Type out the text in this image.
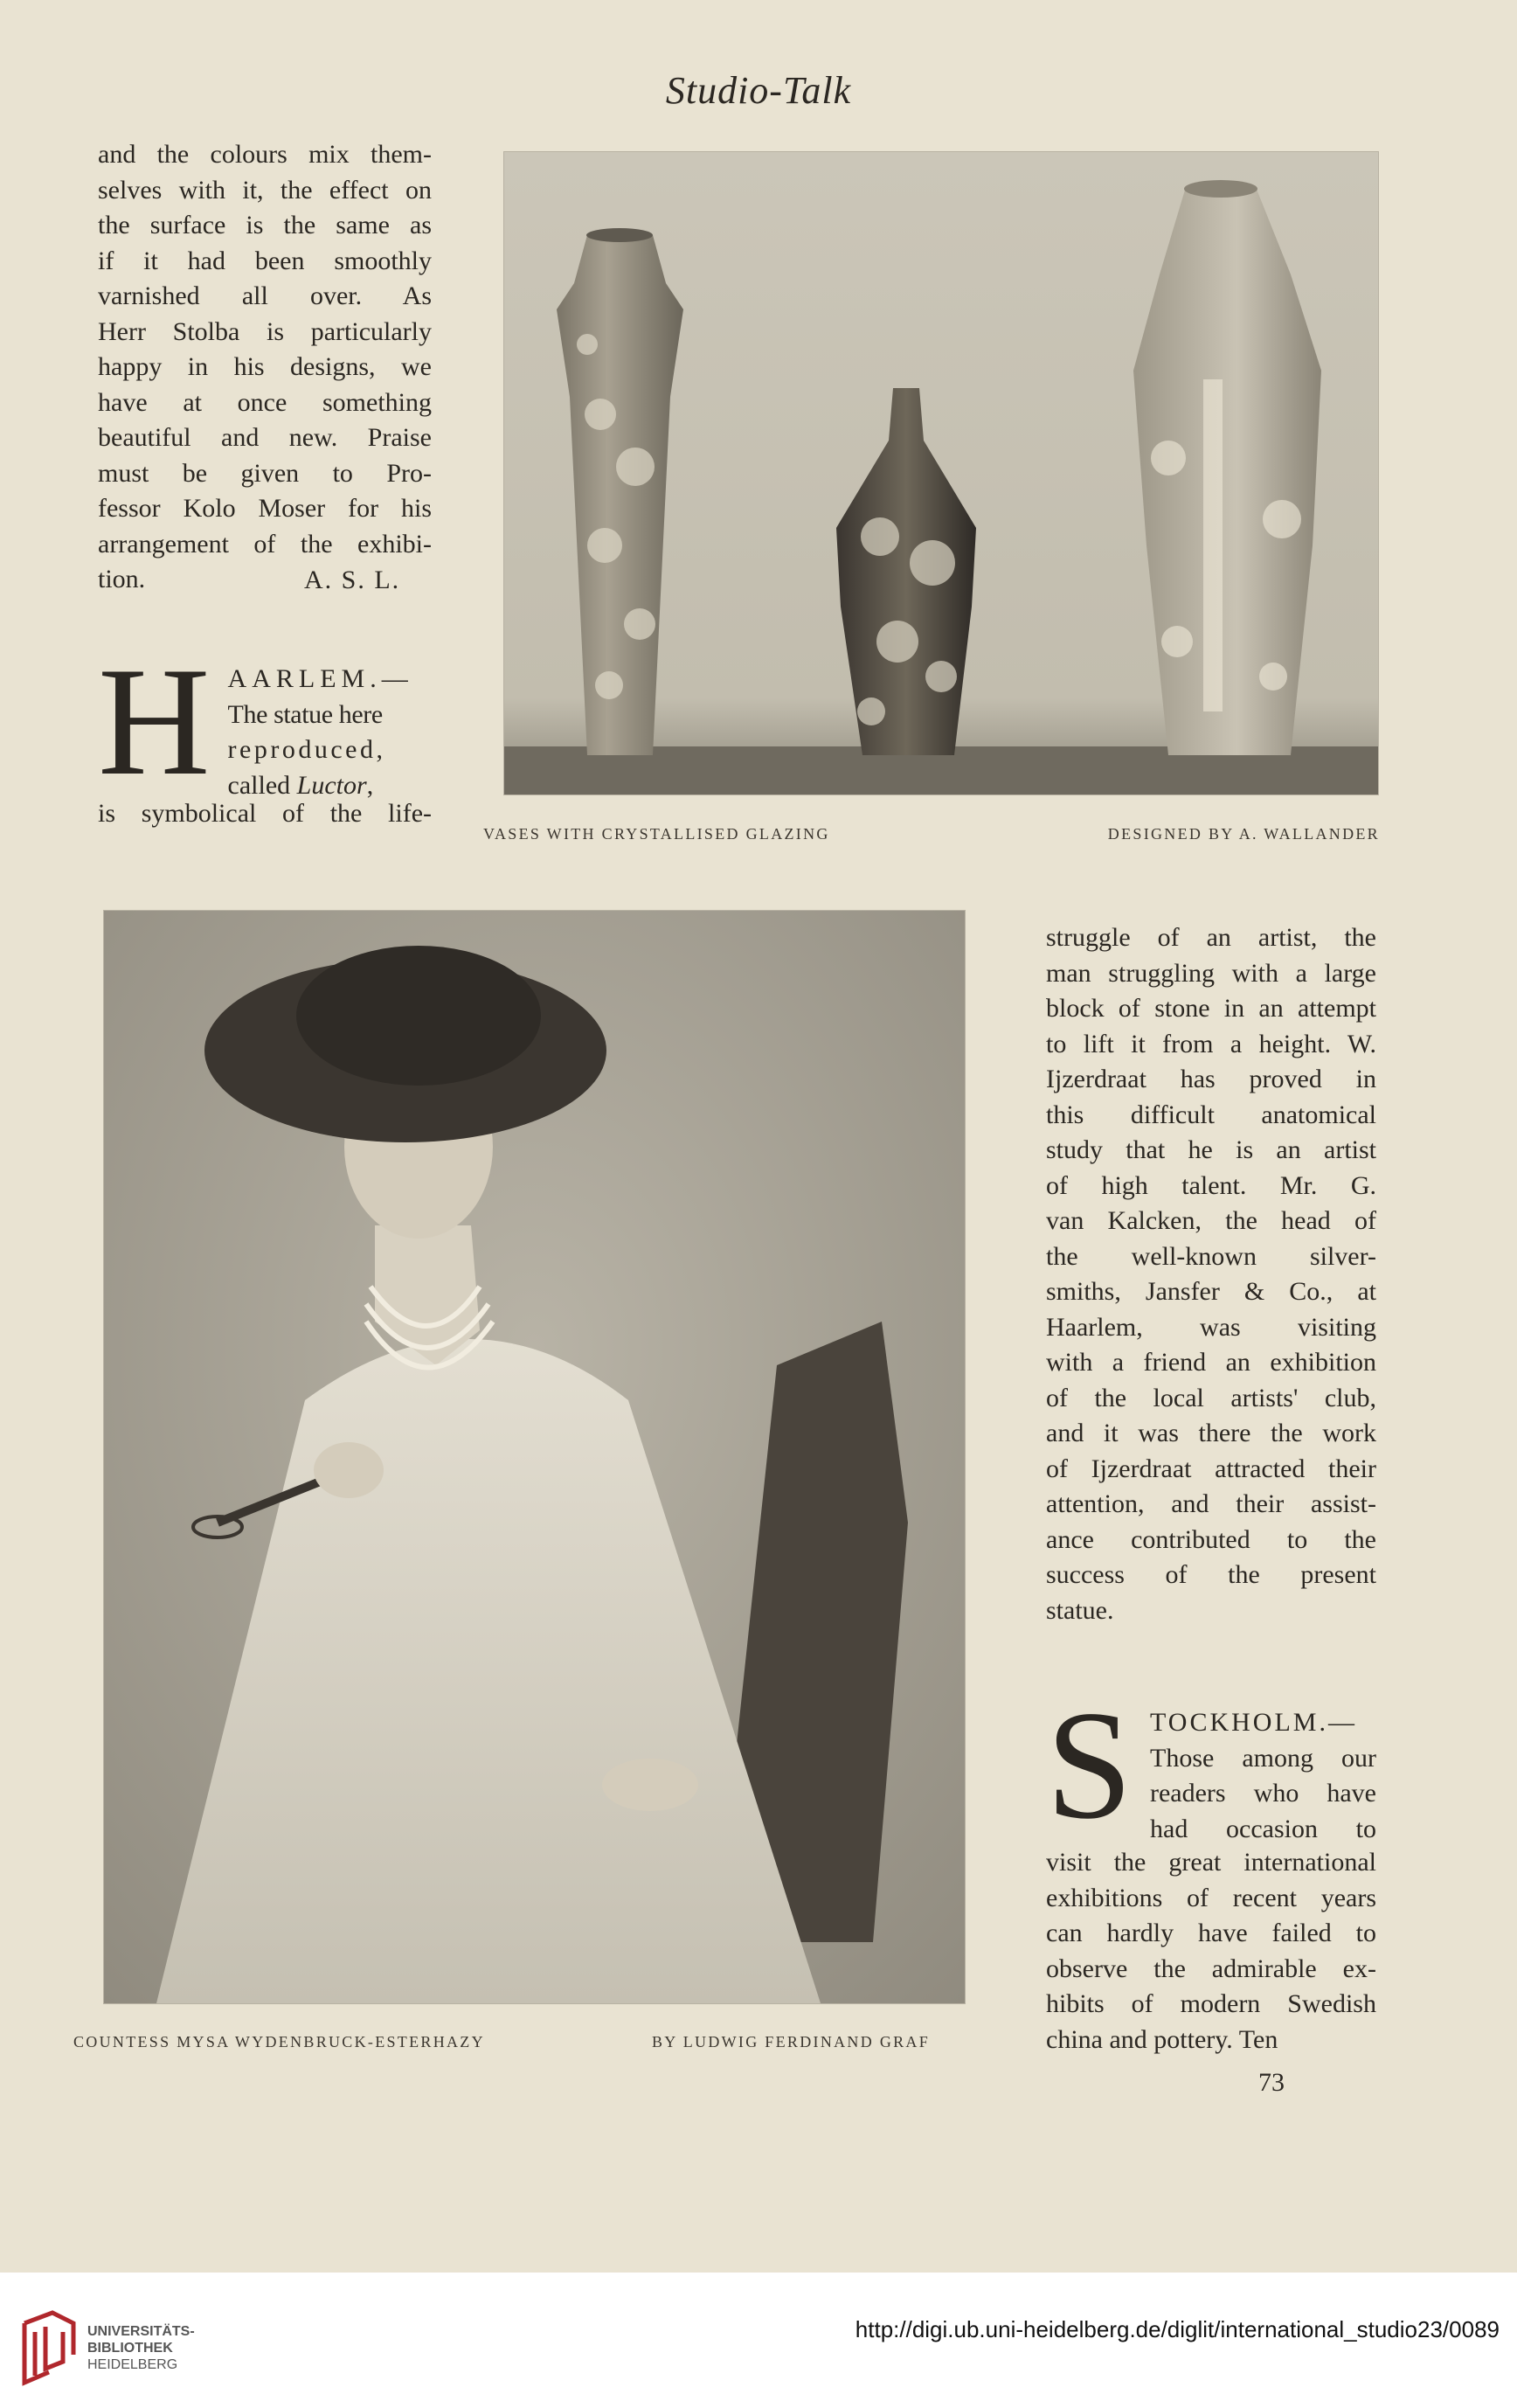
Studio-Talk
and the colours mix them-
selves with it, the effect on
the surface is the same as
if it had been smoothly
varnished all over. As
Herr Stolba is particularly
happy in his designs, we
have at once something
beautiful and new. Praise
must be given to Pro-
fessor Kolo Moser for his
arrangement of the exhibi-
tion.	A. S. L.
H AARLEM.—
The statue here
reproduced,
called Luctor,
is symbolical of the life-
VASES WITH CRYSTALLISED GLAZING	DESIGNED BY A. WALLANDER
COUNTESS MYSA WYDENBRUCK-ESTERHAZY	BY LUDWIG FERDINAND GRAF
struggle of an artist, the
man struggling with a large
block of stone in an attempt
to lift it from a height. W.
Ijzerdraat has proved in
this difficult anatomical
study that he is an artist
of high talent. Mr. G.
van Kalcken, the head of
the well-known silver-
smiths, Jansfer & Co., at
Haarlem, was visiting
with a friend an exhibition
of the local artists' club,
and it was there the work
of Ijzerdraat attracted their
attention, and their assist-
ance contributed to the
success of the present
statue.
S TOCKHOLM.—
Those among our
readers who have
had occasion to
visit the great international
exhibitions of recent years
can hardly have failed to
observe the admirable ex-
hibits of modern Swedish
china and pottery. Ten
73
UNIVERSITÄTS-
BIBLIOTHEK
HEIDELBERG
http://digi.ub.uni-heidelberg.de/diglit/international_studio23/0089
